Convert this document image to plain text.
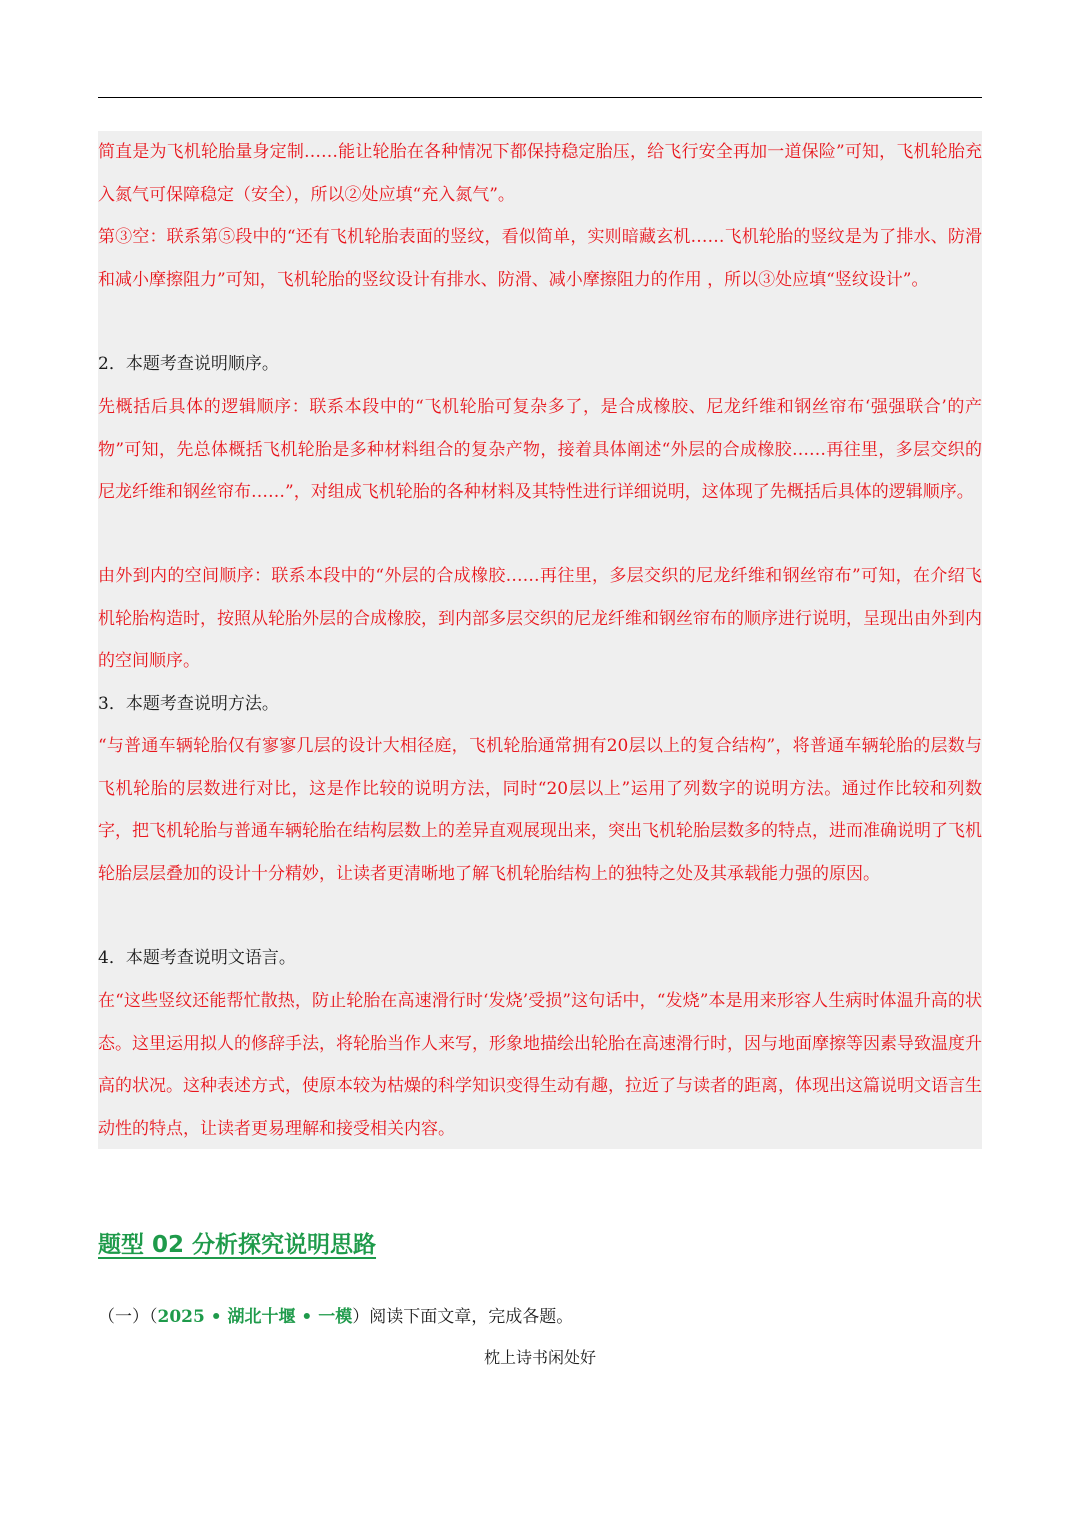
简直是为飞机轮胎量身定制……能让轮胎在各种情况下都保持稳定胎压，给飞行安全再加一道保险”可知，飞机轮胎充入氮气可保障稳定（安全），所以②处应填“充入氮气”。

第③空：联系第⑤段中的“还有飞机轮胎表面的竖纹，看似简单，实则暗藏玄机……飞机轮胎的竖纹是为了排水、防滑和减小摩擦阻力”可知，飞机轮胎的竖纹设计有排水、防滑、减小摩擦阻力的作用 ，所以③处应填“竖纹设计”。

2．本题考查说明顺序。

先概括后具体的逻辑顺序：联系本段中的“飞机轮胎可复杂多了，是合成橡胶、尼龙纤维和钢丝帘布‘强强联合’的产物”可知，先总体概括飞机轮胎是多种材料组合的复杂产物，接着具体阐述“外层的合成橡胶……再往里，多层交织的尼龙纤维和钢丝帘布……”，对组成飞机轮胎的各种材料及其特性进行详细说明，这体现了先概括后具体的逻辑顺序。

由外到内的空间顺序：联系本段中的“外层的合成橡胶……再往里，多层交织的尼龙纤维和钢丝帘布”可知，在介绍飞机轮胎构造时，按照从轮胎外层的合成橡胶，到内部多层交织的尼龙纤维和钢丝帘布的顺序进行说明，呈现出由外到内的空间顺序。

3．本题考查说明方法。

“与普通车辆轮胎仅有寥寥几层的设计大相径庭，飞机轮胎通常拥有20层以上的复合结构”，将普通车辆轮胎的层数与飞机轮胎的层数进行对比，这是作比较的说明方法，同时“20层以上”运用了列数字的说明方法。通过作比较和列数字，把飞机轮胎与普通车辆轮胎在结构层数上的差异直观展现出来，突出飞机轮胎层数多的特点，进而准确说明了飞机轮胎层层叠加的设计十分精妙，让读者更清晰地了解飞机轮胎结构上的独特之处及其承载能力强的原因。

4．本题考查说明文语言。

在“这些竖纹还能帮忙散热，防止轮胎在高速滑行时‘发烧’受损”这句话中，“发烧”本是用来形容人生病时体温升高的状态。这里运用拟人的修辞手法，将轮胎当作人来写，形象地描绘出轮胎在高速滑行时，因与地面摩擦等因素导致温度升高的状况。这种表述方式，使原本较为枯燥的科学知识变得生动有趣，拉近了与读者的距离，体现出这篇说明文语言生动性的特点，让读者更易理解和接受相关内容。

题型 02 分析探究说明思路

（一）（2025 • 湖北十堰 • 一模）阅读下面文章，完成各题。

枕上诗书闲处好
